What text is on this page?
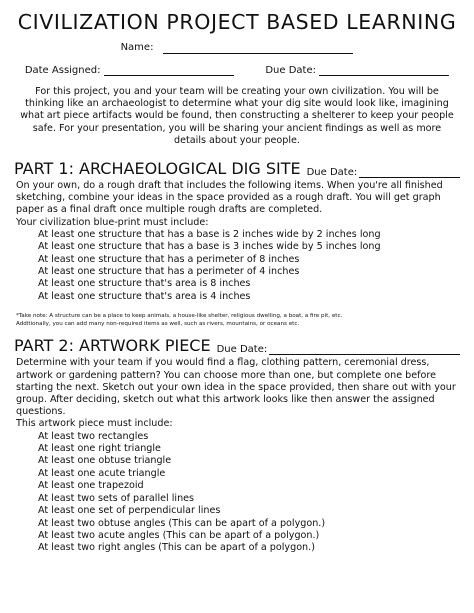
CIVILIZATION PROJECT BASED LEARNING
Name:
Date Assigned:	Due Date:
For this project, you and your team will be creating your own civilization. You will be thinking like an archaeologist to determine what your dig site would look like, imagining what art piece artifacts would be found, then constructing a shelterer to keep your people safe. For your presentation, you will be sharing your ancient findings as well as more details about your people.
PART 1: ARCHAEOLOGICAL DIG SITE Due Date:
On your own, do a rough draft that includes the following items. When you're all finished sketching, combine your ideas in the space provided as a rough draft. You will get graph paper as a final draft once multiple rough drafts are completed.
Your civilization blue-print must include:
At least one structure that has a base is 2 inches wide by 2 inches long
At least one structure that has a base is 3 inches wide by 5 inches long
At least one structure that has a perimeter of 8 inches
At least one structure that has a perimeter of 4 inches
At least one structure that's area is 8 inches
At least one structure that's area is 4 inches
*Take note: A structure can be a place to keep animals, a house-like shelter, religious dwelling, a boat, a fire pit, etc.
Additionally, you can add many non-required items as well, such as rivers, mountains, or oceans etc.
PART 2: ARTWORK PIECE Due Date:
Determine with your team if you would find a flag, clothing pattern, ceremonial dress, artwork or gardening pattern? You can choose more than one, but complete one before starting the next. Sketch out your own idea in the space provided, then share out with your group. After deciding, sketch out what this artwork looks like then answer the assigned questions.
This artwork piece must include:
At least two rectangles
At least one right triangle
At least one obtuse triangle
At least one acute triangle
At least one trapezoid
At least two sets of parallel lines
At least one set of perpendicular lines
At least two obtuse angles (This can be apart of a polygon.)
At least two acute angles (This can be apart of a polygon.)
At least two right angles (This can be apart of a polygon.)
